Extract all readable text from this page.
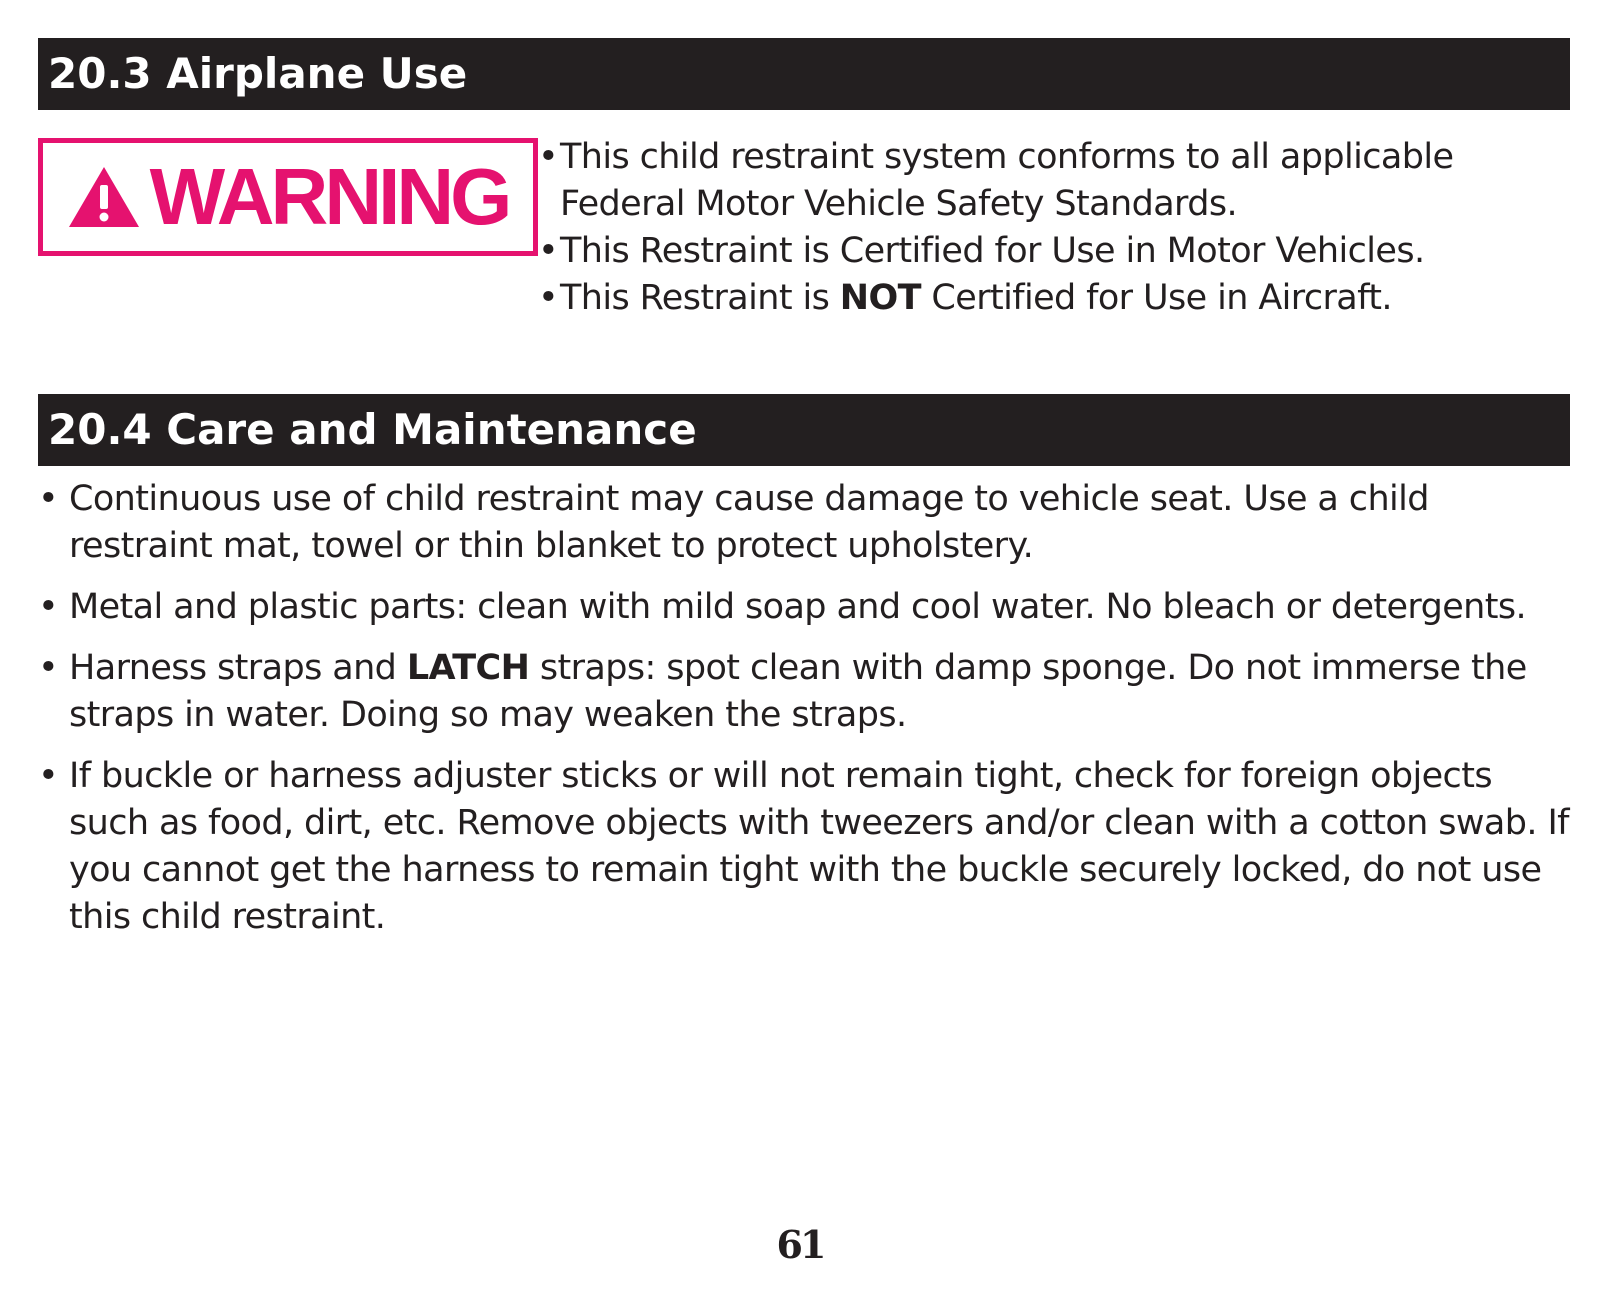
20.3 Airplane Use
WARNING
•	This child restraint system conforms to all applicable Federal Motor Vehicle Safety Standards.
• This Restraint is Certified for Use in Motor Vehicles.
• This Restraint is NOT Certified for Use in Aircraft.
20.4 Care and Maintenance
• Continuous use of child restraint may cause damage to vehicle seat. Use a child restraint mat, towel or thin blanket to protect upholstery.
• Metal and plastic parts: clean with mild soap and cool water. No bleach or detergents.
• Harness straps and LATCH straps: spot clean with damp sponge. Do not immerse the straps in water. Doing so may weaken the straps.
• If buckle or harness adjuster sticks or will not remain tight, check for foreign objects such as food, dirt, etc. Remove objects with tweezers and/or clean with a cotton swab. If you cannot get the harness to remain tight with the buckle securely locked, do not use this child restraint.
61
